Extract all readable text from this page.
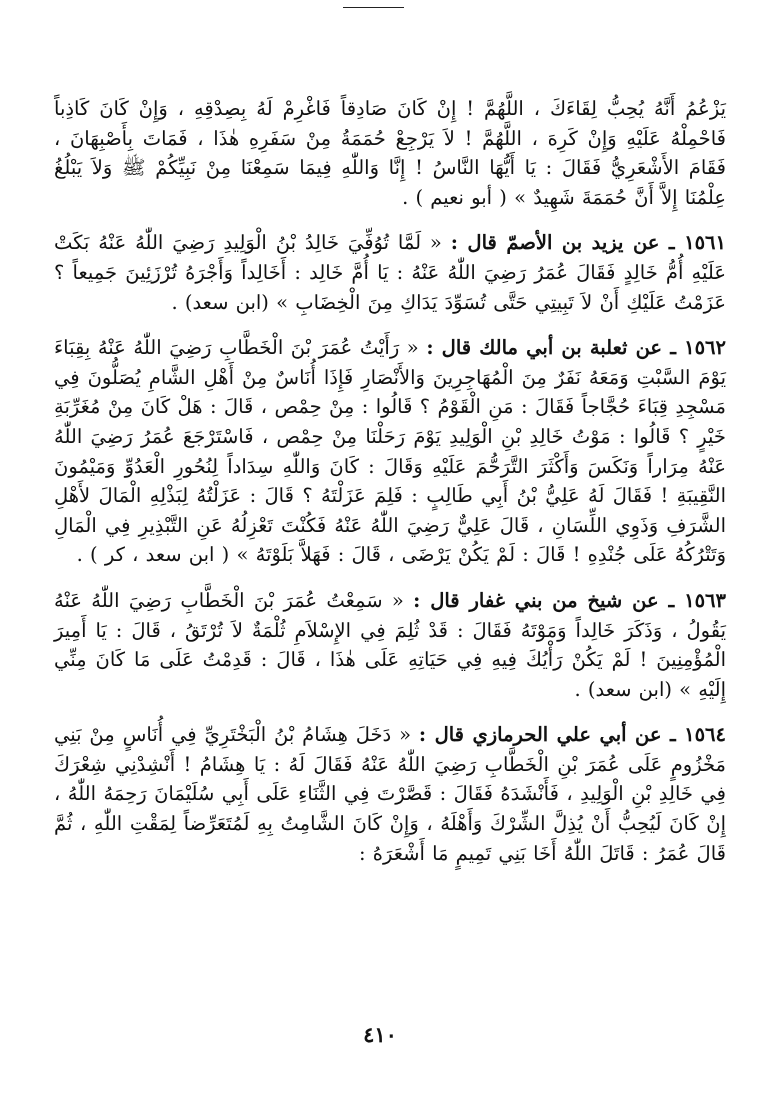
يَزْعُمُ أَنَّهُ يُحِبُّ لِقَاءَكَ ، اللَّهُمَّ ! إِنْ كَانَ صَادِقاً فَاغْرِمْ لَهُ بِصِدْقِهِ ، وَإِنْ كَانَ كَاذِباً فَاحْمِلْهُ عَلَيْهِ وَإِنْ كَرِهَ ، اللَّهُمَّ ! لاَ يَرْجِعْ حُمَمَةُ مِنْ سَفَرِهِ هٰذَا ، فَمَاتَ بِأَصْبِهَانَ ، فَقَامَ الأَشْعَرِيُّ فَقَالَ : يَا أَيُّهَا النَّاسُ ! إِنَّا وَاللّٰهِ فِيمَا سَمِعْنَا مِنْ نَبِيِّكُمْ ﷺ وَلاَ يَبْلُغُ عِلْمُنَا إِلاَّ أَنَّ حُمَمَةَ شَهِيدٌ » ( أبو نعيم ) .

١٥٦١ ـ عن يزيد بن الأصمّ قال : « لَمَّا تُوُفِّيَ خَالِدُ بْنُ الْوَلِيدِ رَضِيَ اللّٰهُ عَنْهُ بَكَتْ عَلَيْهِ أُمُّ خَالِدٍ فَقَالَ عُمَرُ رَضِيَ اللّٰهُ عَنْهُ : يَا أُمَّ خَالِد : أَخَالِداً وَأَجْرَهُ تُرْزَئِينَ جَمِيعاً ؟ عَزَمْتُ عَلَيْكِ أَنْ لاَ تَبِيتِي حَتَّى تُسَوِّدَ يَدَاكِ مِنَ الْخِضَابِ » (ابن سعد) .

١٥٦٢ ـ عن ثعلبة بن أبي مالك قال : « رَأَيْتُ عُمَرَ بْنَ الْخَطَّابِ رَضِيَ اللّٰهُ عَنْهُ بِقِبَاءَ يَوْمَ السَّبْتِ وَمَعَهُ نَفَرٌ مِنَ الْمُهَاجِرِينَ وَالأَنْصَارِ فَإِذَا أُنَاسٌ مِنْ أَهْلِ الشَّامِ يُصَلُّونَ فِي مَسْجِدِ قِبَاءَ حُجَّاجاً فَقَالَ : مَنِ الْقَوْمُ ؟ قَالُوا : مِنْ حِمْص ، قَالَ : هَلْ كَانَ مِنْ مُغَرِّبَةِ خَيْرٍ ؟ قَالُوا : مَوْتُ خَالِدِ بْنِ الْوَلِيدِ يَوْمَ رَحَلْنَا مِنْ حِمْص ، فَاسْتَرْجَعَ عُمَرُ رَضِيَ اللّٰهُ عَنْهُ مِرَاراً وَنَكَسَ وَأَكْثَرَ التَّرَحُّمَ عَلَيْهِ وَقَالَ : كَانَ وَاللّٰهِ سِدَاداً لِنُحُورِ الْعَدُوِّ وَمَيْمُونَ النَّقِيبَةِ ! فَقَالَ لَهُ عَلِيُّ بْنُ أَبِي طَالِبٍ : فَلِمَ عَزَلْتَهُ ؟ قَالَ : عَزَلْتُهُ لِبَذْلِهِ الْمَالَ لأَهْلِ الشَّرَفِ وَذَوِي اللِّسَانِ ، قَالَ عَلِيٌّ رَضِيَ اللّٰهُ عَنْهُ فَكُنْتَ تَعْزِلُهُ عَنِ التَّبْذِيرِ فِي الْمَالِ وَتَتْرُكُهُ عَلَى جُنْدِهِ ! قَالَ : لَمْ يَكُنْ يَرْضَى ، قَالَ : فَهَلاَّ بَلَوْتَهُ » ( ابن سعد ، كر ) .

١٥٦٣ ـ عن شيخ من بني غفار قال : « سَمِعْتُ عُمَرَ بْنَ الْخَطَّابِ رَضِيَ اللّٰهُ عَنْهُ يَقُولُ ، وَذَكَرَ خَالِداً وَمَوْتَهُ فَقَالَ : قَدْ ثُلِمَ فِي الإِسْلاَمِ ثُلْمَةٌ لاَ تُرْتَقُ ، قَالَ : يَا أَمِيرَ الْمُؤْمِنِينَ ! لَمْ يَكُنْ رَأْيُكَ فِيهِ فِي حَيَاتِهِ عَلَى هٰذَا ، قَالَ : قَدِمْتُ عَلَى مَا كَانَ مِنِّي إِلَيْهِ » (ابن سعد) .

١٥٦٤ ـ عن أبي علي الحرمازي قال : « دَخَلَ هِشَامُ بْنُ الْبَخْتَرِيِّ فِي أُنَاسٍ مِنْ بَنِي مَخْزُومٍ عَلَى عُمَرَ بْنِ الْخَطَّابِ رَضِيَ اللّٰهُ عَنْهُ فَقَالَ لَهُ : يَا هِشَامُ ! أَنْشِدْنِي شِعْرَكَ فِي خَالِدِ بْنِ الْوَلِيدِ ، فَأَنْشَدَهُ فَقَالَ : قَصَّرْتَ فِي الثَّنَاءِ عَلَى أَبِي سُلَيْمَانَ رَحِمَهُ اللّٰهُ ، إِنْ كَانَ لَيُحِبُّ أَنْ يُذِلَّ الشِّرْكَ وَأَهْلَهُ ، وَإِنْ كَانَ الشَّامِتُ بِهِ لَمُتَعَرِّضاً لِمَقْتِ اللّٰهِ ، ثُمَّ قَالَ عُمَرُ : قَاتَلَ اللّٰهُ أَخَا بَنِي تَمِيمٍ مَا أَشْعَرَهُ :

٤١٠
